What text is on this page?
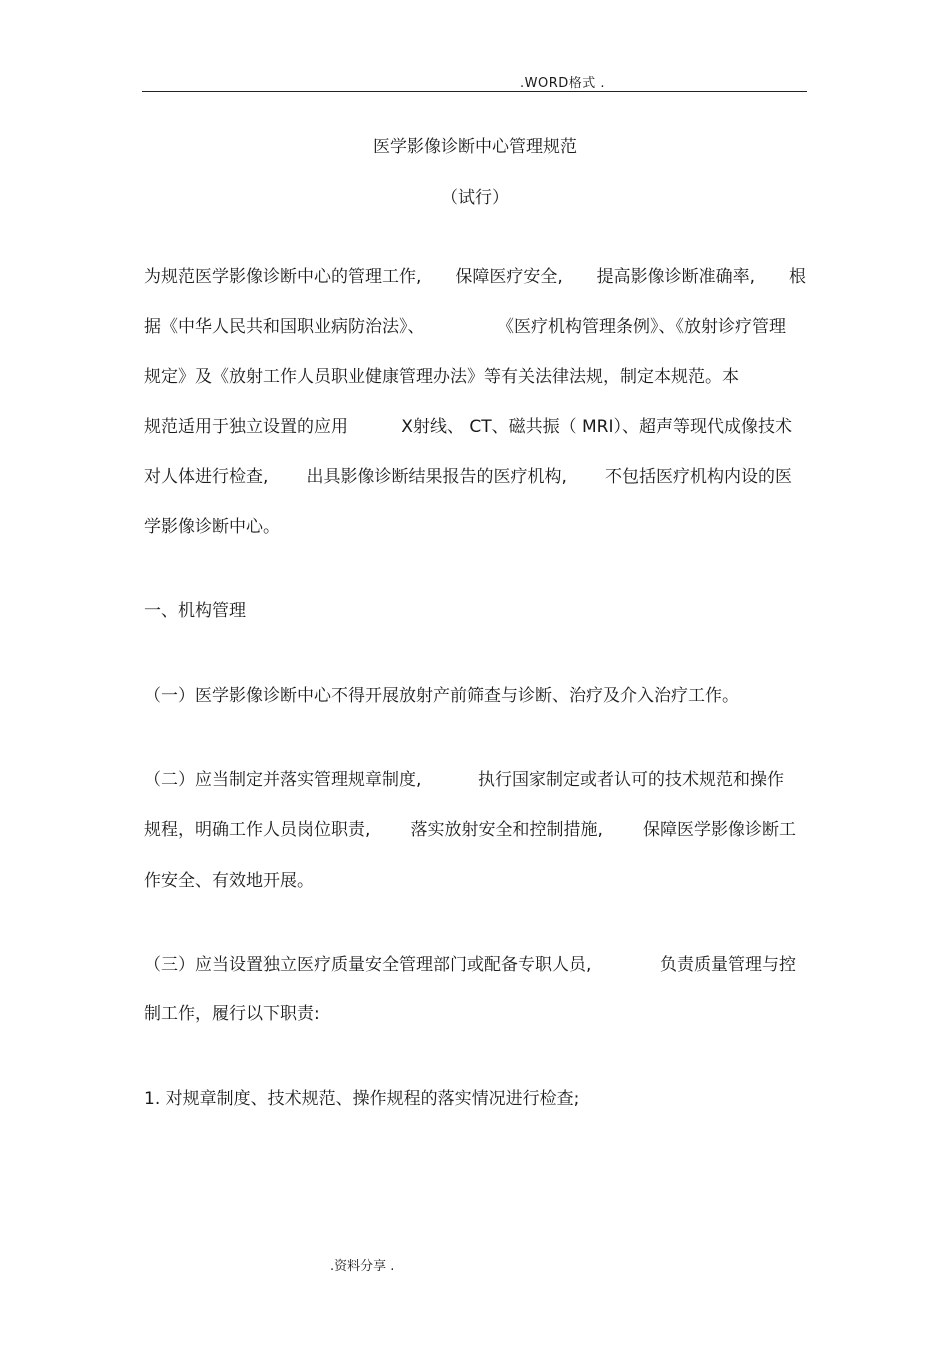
.WORD格式 .
医学影像诊断中心管理规范
（试行）
为规范医学影像诊断中心的管理工作, 保障医疗安全, 提高影像诊断准确率, 根
据《中华人民共和国职业病防治法》、	《医疗机构管理条例》、《放射诊疗管理
规定》及《放射工作人员职业健康管理办法》等有关法律法规，制定本规范。本
规范适用于独立设置的应用	X射线、 CT、磁共振（ MRI）、超声等现代成像技术
对人体进行检查, 出具影像诊断结果报告的医疗机构, 不包括医疗机构内设的医
学影像诊断中心。
一、机构管理
（一）医学影像诊断中心不得开展放射产前筛查与诊断、治疗及介入治疗工作。
（二）应当制定并落实管理规章制度,	执行国家制定或者认可的技术规范和操作
规程，明确工作人员岗位职责, 落实放射安全和控制措施, 保障医学影像诊断工
作安全、有效地开展。
（三）应当设置独立医疗质量安全管理部门或配备专职人员,	负责质量管理与控
制工作，履行以下职责:
1. 对规章制度、技术规范、操作规程的落实情况进行检查;
.资料分享 .
